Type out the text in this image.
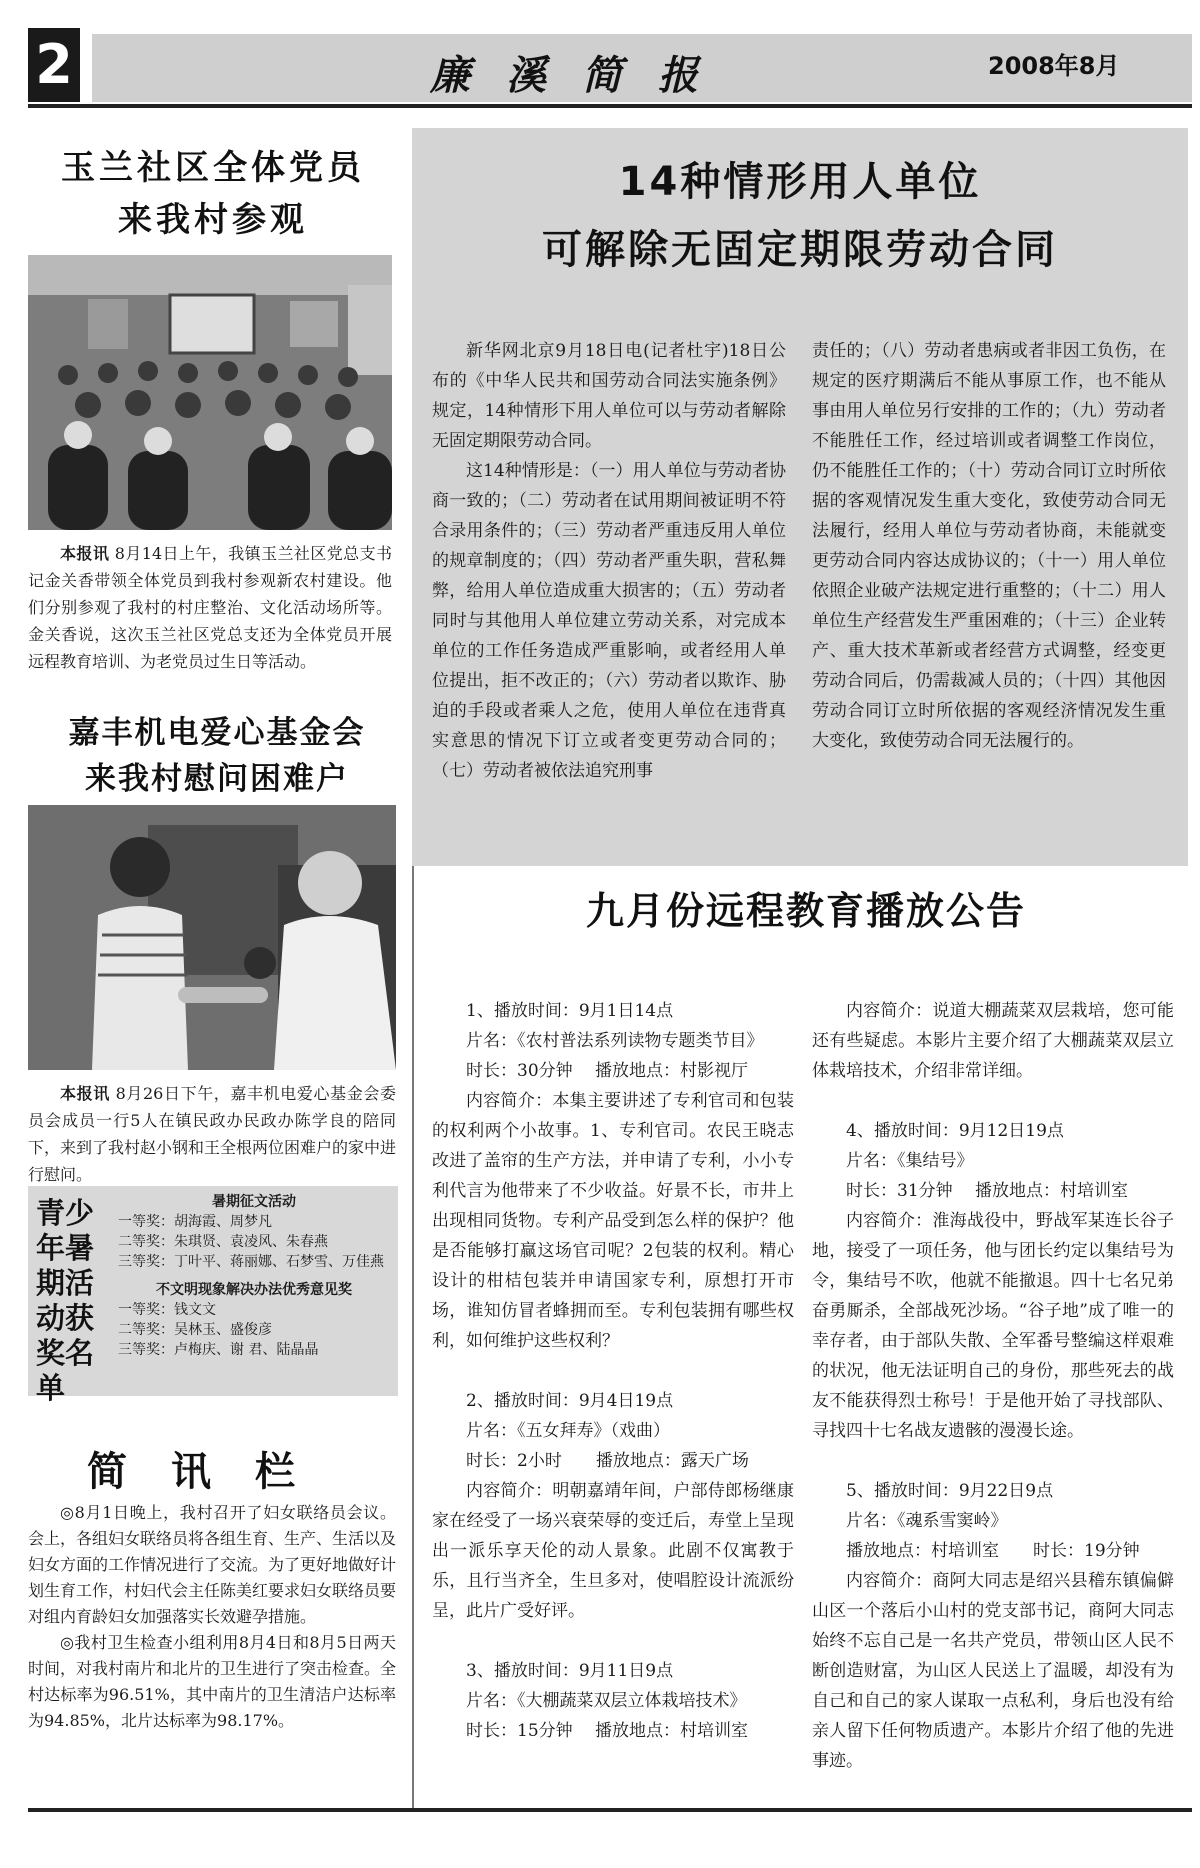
2	廉溪简报	2008年8月
玉兰社区全体党员
来我村参观

本报讯 8月14日上午，我镇玉兰社区党总支书记金关香带领全体党员到我村参观新农村建设。他们分别参观了我村的村庄整治、文化活动场所等。金关香说，这次玉兰社区党总支还为全体党员开展远程教育培训、为老党员过生日等活动。

嘉丰机电爱心基金会
来我村慰问困难户

本报讯 8月26日下午，嘉丰机电爱心基金会委员会成员一行5人在镇民政办民政办陈学良的陪同下，来到了我村赵小钢和王全根两位困难户的家中进行慰问。

青少年暑期活动获奖名单
暑期征文活动
一等奖：胡海霞、周梦凡
二等奖：朱琪贤、袁凌风、朱春燕
三等奖：丁叶平、蒋丽娜、石梦雪、万佳燕
不文明现象解决办法优秀意见奖
一等奖：钱文文
二等奖：吴林玉、盛俊彦
三等奖：卢梅庆、谢 君、陆晶晶
简讯栏

◎8月1日晚上，我村召开了妇女联络员会议。会上，各组妇女联络员将各组生育、生产、生活以及妇女方面的工作情况进行了交流。为了更好地做好计划生育工作，村妇代会主任陈美红要求妇女联络员要对组内育龄妇女加强落实长效避孕措施。

◎我村卫生检查小组利用8月4日和8月5日两天时间，对我村南片和北片的卫生进行了突击检查。全村达标率为96.51%，其中南片的卫生清洁户达标率为94.85%，北片达标率为98.17%。

14种情形用人单位
可解除无固定期限劳动合同

新华网北京9月18日电(记者杜宇)18日公布的《中华人民共和国劳动合同法实施条例》规定，14种情形下用人单位可以与劳动者解除无固定期限劳动合同。

这14种情形是：（一）用人单位与劳动者协商一致的；（二）劳动者在试用期间被证明不符合录用条件的；（三）劳动者严重违反用人单位的规章制度的；（四）劳动者严重失职，营私舞弊，给用人单位造成重大损害的；（五）劳动者同时与其他用人单位建立劳动关系，对完成本单位的工作任务造成严重影响，或者经用人单位提出，拒不改正的；（六）劳动者以欺诈、胁迫的手段或者乘人之危，使用人单位在违背真实意思的情况下订立或者变更劳动合同的；（七）劳动者被依法追究刑事

责任的；（八）劳动者患病或者非因工负伤，在规定的医疗期满后不能从事原工作，也不能从事由用人单位另行安排的工作的；（九）劳动者不能胜任工作，经过培训或者调整工作岗位，仍不能胜任工作的；（十）劳动合同订立时所依据的客观情况发生重大变化，致使劳动合同无法履行，经用人单位与劳动者协商，未能就变更劳动合同内容达成协议的；（十一）用人单位依照企业破产法规定进行重整的；（十二）用人单位生产经营发生严重困难的；（十三）企业转产、重大技术革新或者经营方式调整，经变更劳动合同后，仍需裁减人员的；（十四）其他因劳动合同订立时所依据的客观经济情况发生重大变化，致使劳动合同无法履行的。
九月份远程教育播放公告

1、播放时间：9月1日14点

片名：《农村普法系列读物专题类节目》

时长：30分钟　 播放地点：村影视厅

内容简介：本集主要讲述了专利官司和包装的权利两个小故事。1、专利官司。农民王晓志改进了盖帘的生产方法，并申请了专利，小小专利代言为他带来了不少收益。好景不长，市井上出现相同货物。专利产品受到怎么样的保护？他是否能够打赢这场官司呢？2包装的权利。精心设计的柑桔包装并申请国家专利，原想打开市场，谁知仿冒者蜂拥而至。专利包装拥有哪些权利，如何维护这些权利？

2、播放时间：9月4日19点

片名：《五女拜寿》（戏曲）

时长：2小时　　播放地点：露天广场

内容简介：明朝嘉靖年间，户部侍郎杨继康家在经受了一场兴衰荣辱的变迁后，寿堂上呈现出一派乐享天伦的动人景象。此剧不仅寓教于乐，且行当齐全，生旦多对，使唱腔设计流派纷呈，此片广受好评。

3、播放时间：9月11日9点

片名：《大棚蔬菜双层立体栽培技术》

时长：15分钟　 播放地点：村培训室

内容简介：说道大棚蔬菜双层栽培，您可能还有些疑虑。本影片主要介绍了大棚蔬菜双层立体栽培技术，介绍非常详细。

4、播放时间：9月12日19点

片名：《集结号》

时长：31分钟　 播放地点：村培训室

内容简介：淮海战役中，野战军某连长谷子地，接受了一项任务，他与团长约定以集结号为令，集结号不吹，他就不能撤退。四十七名兄弟奋勇厮杀，全部战死沙场。“谷子地”成了唯一的幸存者，由于部队失散、全军番号整编这样艰难的状况，他无法证明自己的身份，那些死去的战友不能获得烈士称号！于是他开始了寻找部队、寻找四十七名战友遗骸的漫漫长途。

5、播放时间：9月22日9点

片名：《魂系雪窦岭》

播放地点：村培训室　　时长：19分钟

内容简介：商阿大同志是绍兴县稽东镇偏僻山区一个落后小山村的党支部书记，商阿大同志始终不忘自己是一名共产党员，带领山区人民不断创造财富，为山区人民送上了温暖，却没有为自己和自己的家人谋取一点私利，身后也没有给亲人留下任何物质遗产。本影片介绍了他的先进事迹。
